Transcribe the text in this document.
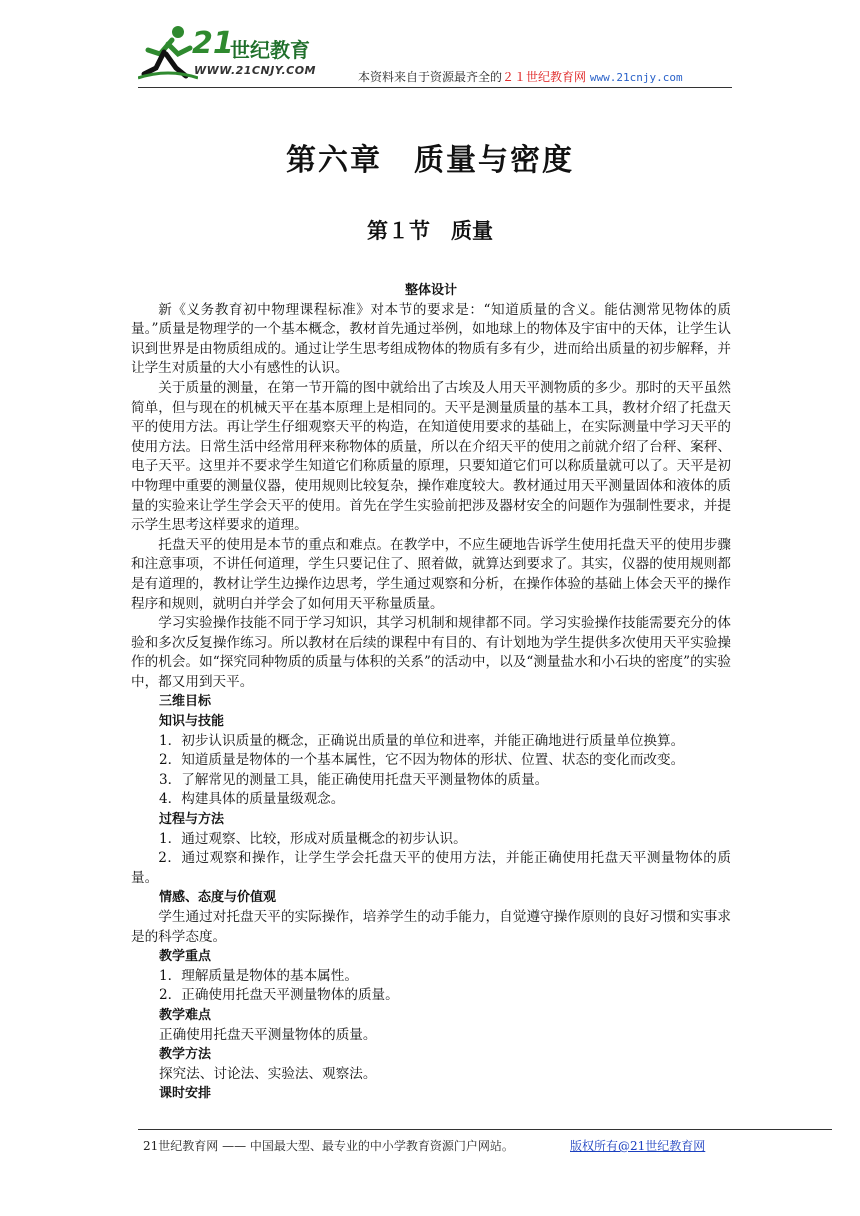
21
世纪教育
WWW.21CNJY.COM	本资料来自于资源最齐全的２１世纪教育网 www.21cnjy.com
第六章　质量与密度
第１节　质量

整体设计

新《义务教育初中物理课程标准》对本节的要求是：“知道质量的含义。能估测常见物体的质量。”质量是物理学的一个基本概念，教材首先通过举例，如地球上的物体及宇宙中的天体，让学生认识到世界是由物质组成的。通过让学生思考组成物体的物质有多有少，进而给出质量的初步解释，并让学生对质量的大小有感性的认识。

关于质量的测量，在第一节开篇的图中就给出了古埃及人用天平测物质的多少。那时的天平虽然简单，但与现在的机械天平在基本原理上是相同的。天平是测量质量的基本工具，教材介绍了托盘天平的使用方法。再让学生仔细观察天平的构造，在知道使用要求的基础上，在实际测量中学习天平的使用方法。日常生活中经常用秤来称物体的质量，所以在介绍天平的使用之前就介绍了台秤、案秤、电子天平。这里并不要求学生知道它们称质量的原理，只要知道它们可以称质量就可以了。天平是初中物理中重要的测量仪器，使用规则比较复杂，操作难度较大。教材通过用天平测量固体和液体的质量的实验来让学生学会天平的使用。首先在学生实验前把涉及器材安全的问题作为强制性要求，并提示学生思考这样要求的道理。

托盘天平的使用是本节的重点和难点。在教学中，不应生硬地告诉学生使用托盘天平的使用步骤和注意事项，不讲任何道理，学生只要记住了、照着做，就算达到要求了。其实，仪器的使用规则都是有道理的，教材让学生边操作边思考，学生通过观察和分析，在操作体验的基础上体会天平的操作程序和规则，就明白并学会了如何用天平称量质量。

学习实验操作技能不同于学习知识，其学习机制和规律都不同。学习实验操作技能需要充分的体验和多次反复操作练习。所以教材在后续的课程中有目的、有计划地为学生提供多次使用天平实验操作的机会。如“探究同种物质的质量与体积的关系”的活动中，以及“测量盐水和小石块的密度”的实验中，都又用到天平。

三维目标

知识与技能

1．初步认识质量的概念，正确说出质量的单位和进率，并能正确地进行质量单位换算。

2．知道质量是物体的一个基本属性，它不因为物体的形状、位置、状态的变化而改变。

3．了解常见的测量工具，能正确使用托盘天平测量物体的质量。

4．构建具体的质量量级观念。

过程与方法

1．通过观察、比较，形成对质量概念的初步认识。

2．通过观察和操作，让学生学会托盘天平的使用方法，并能正确使用托盘天平测量物体的质量。

情感、态度与价值观

学生通过对托盘天平的实际操作，培养学生的动手能力，自觉遵守操作原则的良好习惯和实事求是的科学态度。

教学重点

1．理解质量是物体的基本属性。

2．正确使用托盘天平测量物体的质量。

教学难点

正确使用托盘天平测量物体的质量。

教学方法

探究法、讨论法、实验法、观察法。

课时安排

21世纪教育网 —— 中国最大型、最专业的中小学教育资源门户网站。	版权所有@21世纪教育网
